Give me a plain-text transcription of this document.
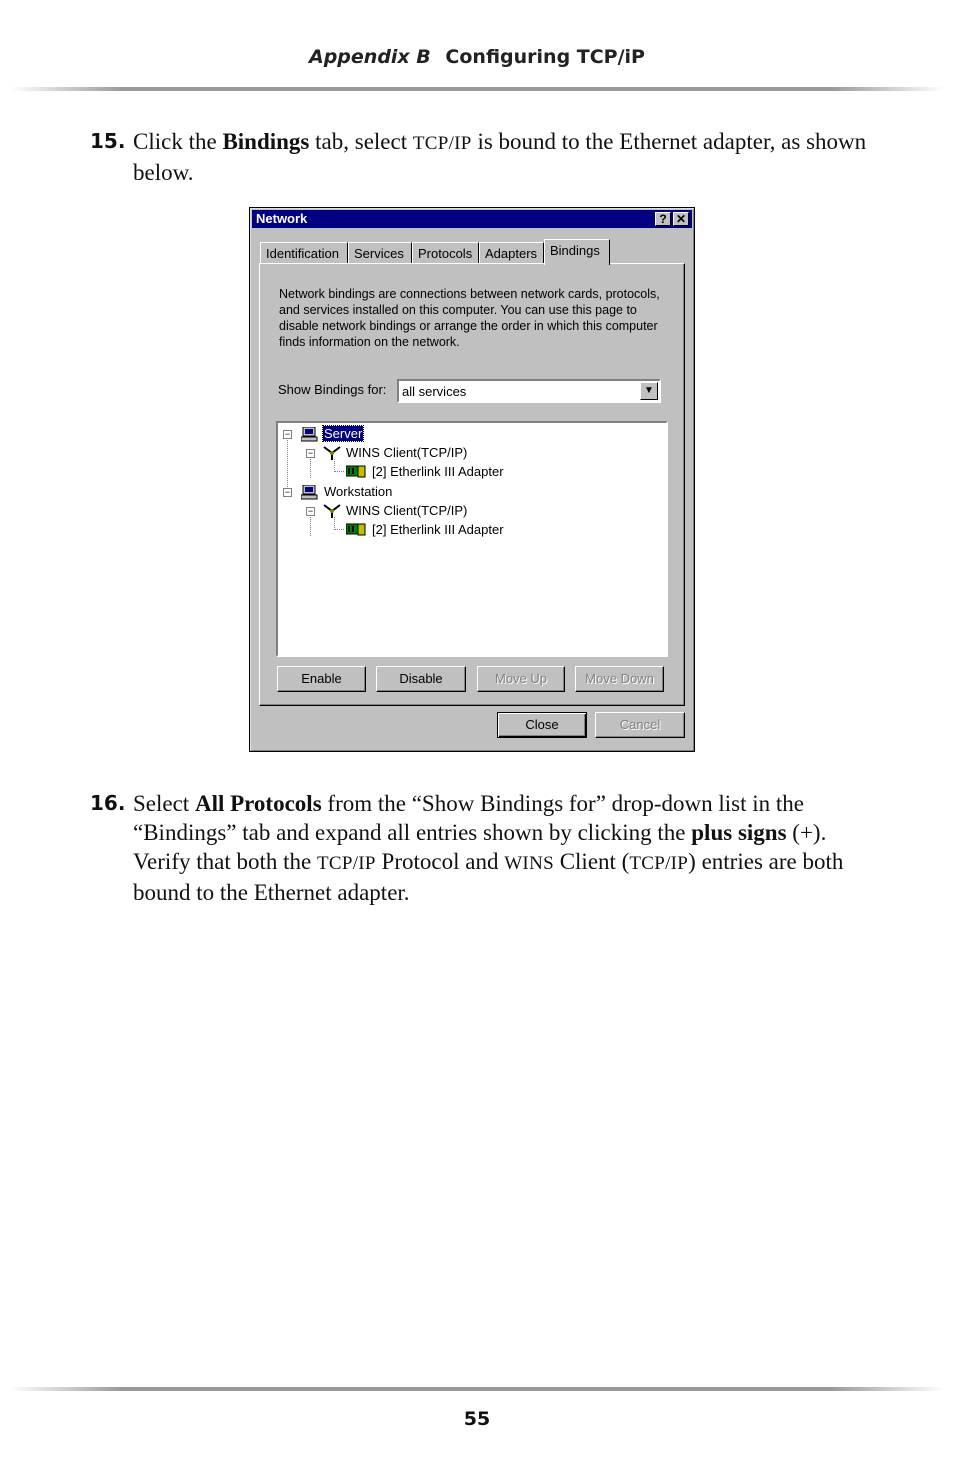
Appendix B Configuring TCP/iP
15. Click the Bindings tab, select TCP/IP is bound to the Ethernet adapter, as shown below.
Network	? ✕
Identification	Services	Protocols Adapters Bindings
Network bindings are connections between network cards, protocols, and services installed on this computer. You can use this page to disable network bindings or arrange the order in which this computer finds information on the network.
Show Bindings for: all services	▼
−	Server
−	WINS Client(TCP/IP)
[2] Etherlink III Adapter
−	Workstation
−	WINS Client(TCP/IP)
[2] Etherlink III Adapter
Enable	Disable	Move Up	Move Down
Close	Cancel
16. Select All Protocols from the “Show Bindings for” drop-down list in the “Bindings” tab and expand all entries shown by clicking the plus signs (+). Verify that both the TCP/IP Protocol and WINS Client (TCP/IP) entries are both bound to the Ethernet adapter.
55
